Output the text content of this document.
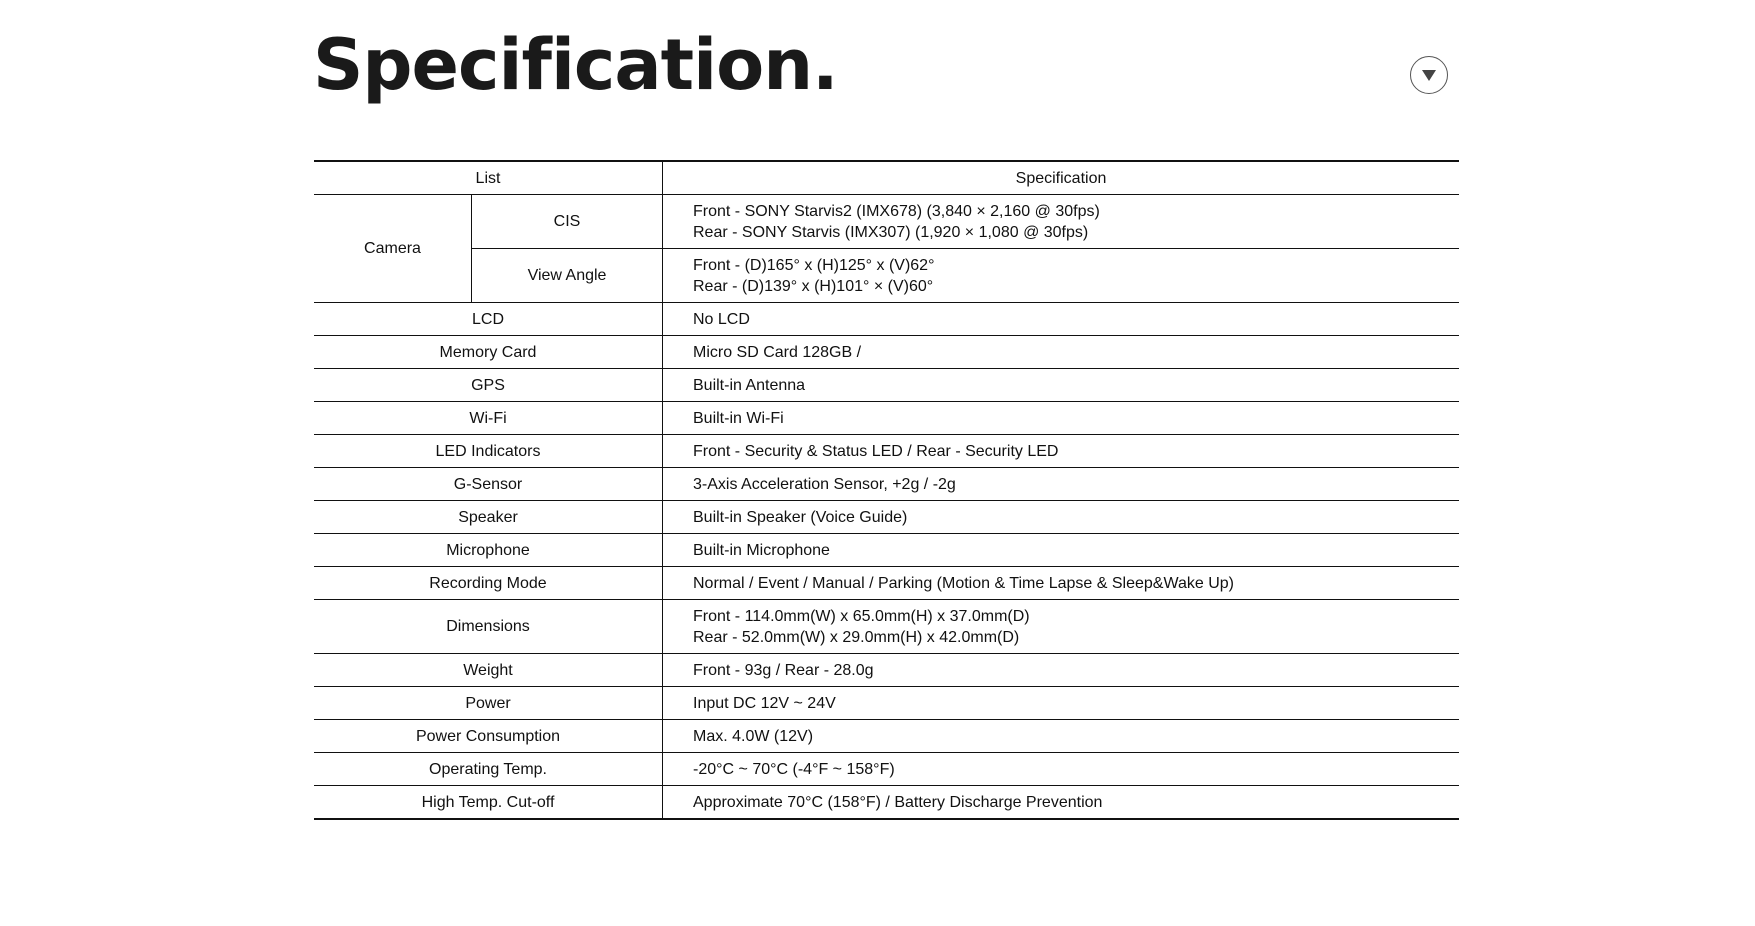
Specification.
List		Specification
Camera	CIS	Front - SONY Starvis2 (IMX678) (3,840 × 2,160 @ 30fps)
Rear - SONY Starvis (IMX307) (1,920 × 1,080 @ 30fps)

	View Angle	Front - (D)165° x (H)125° x (V)62°
Rear - (D)139° x (H)101° × (V)60°

LCD		No LCD

Memory Card		Micro SD Card 128GB /

GPS		Built-in Antenna

Wi-Fi		Built-in Wi-Fi

LED Indicators		Front - Security & Status LED / Rear - Security LED

G-Sensor		3-Axis Acceleration Sensor, +2g / -2g

Speaker		Built-in Speaker (Voice Guide)

Microphone		Built-in Microphone

Recording Mode		Normal / Event / Manual / Parking (Motion & Time Lapse & Sleep&Wake Up)

Dimensions		Front - 114.0mm(W) x 65.0mm(H) x 37.0mm(D)
Rear - 52.0mm(W) x 29.0mm(H) x 42.0mm(D)

Weight		Front - 93g / Rear - 28.0g

Power		Input DC 12V ~ 24V

Power Consumption		Max. 4.0W (12V)

Operating Temp.		-20°C ~ 70°C (-4°F ~ 158°F)

High Temp. Cut-off		Approximate 70°C (158°F) / Battery Discharge Prevention
